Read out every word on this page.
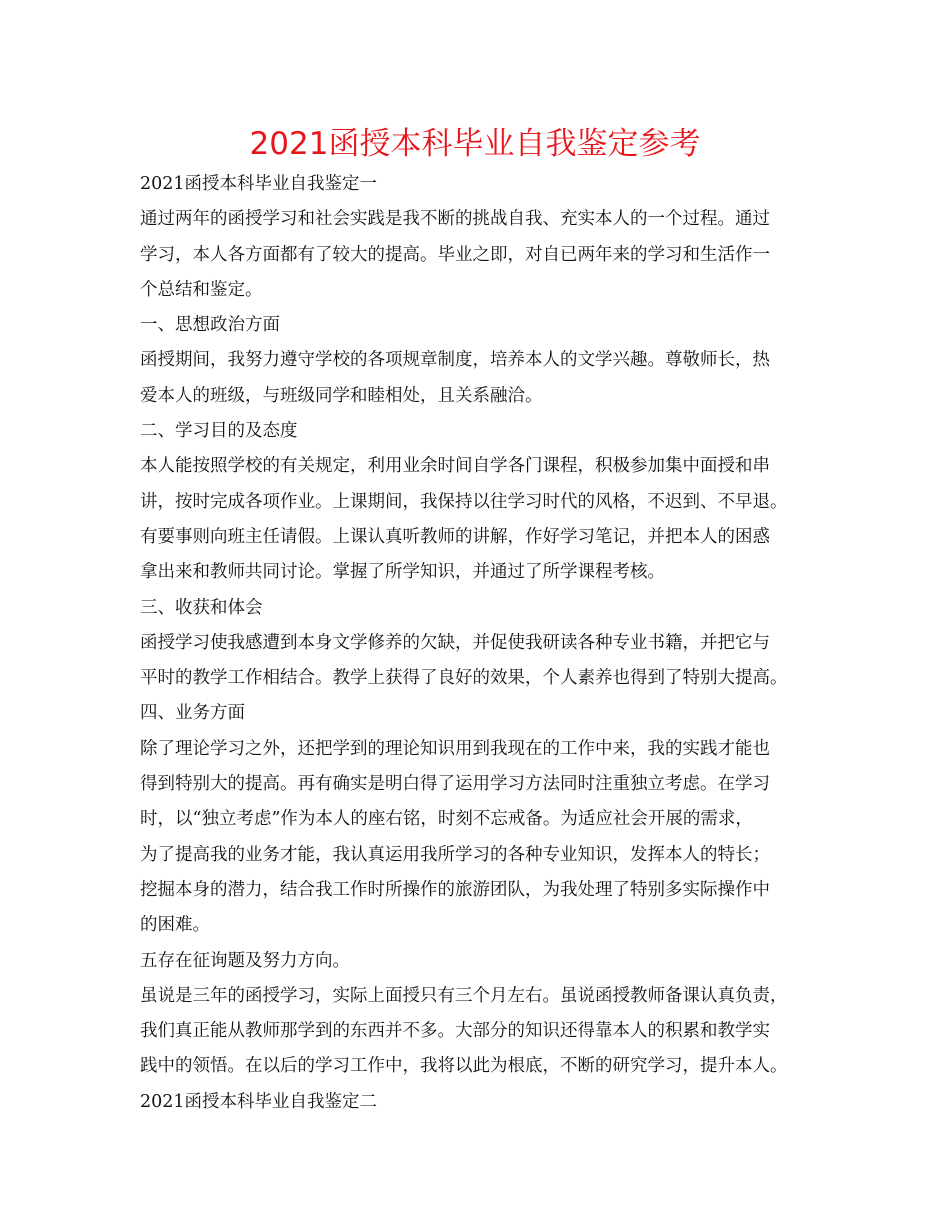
2021函授本科毕业自我鉴定参考
2021函授本科毕业自我鉴定一
通过两年的函授学习和社会实践是我不断的挑战自我、充实本人的一个过程。通过
学习，本人各方面都有了较大的提高。毕业之即，对自已两年来的学习和生活作一
个总结和鉴定。
一、思想政治方面
函授期间，我努力遵守学校的各项规章制度，培养本人的文学兴趣。尊敬师长，热
爱本人的班级，与班级同学和睦相处，且关系融洽。
二、学习目的及态度
本人能按照学校的有关规定，利用业余时间自学各门课程，积极参加集中面授和串
讲，按时完成各项作业。上课期间，我保持以往学习时代的风格，不迟到、不早退。
有要事则向班主任请假。上课认真听教师的讲解，作好学习笔记，并把本人的困惑
拿出来和教师共同讨论。掌握了所学知识，并通过了所学课程考核。
三、收获和体会
函授学习使我感遭到本身文学修养的欠缺，并促使我研读各种专业书籍，并把它与
平时的教学工作相结合。教学上获得了良好的效果，个人素养也得到了特别大提高。
四、业务方面
除了理论学习之外，还把学到的理论知识用到我现在的工作中来，我的实践才能也
得到特别大的提高。再有确实是明白得了运用学习方法同时注重独立考虑。在学习
时，以“独立考虑”作为本人的座右铭，时刻不忘戒备。为适应社会开展的需求，
为了提高我的业务才能，我认真运用我所学习的各种专业知识，发挥本人的特长；
挖掘本身的潜力，结合我工作时所操作的旅游团队，为我处理了特别多实际操作中
的困难。
五存在征询题及努力方向。
虽说是三年的函授学习，实际上面授只有三个月左右。虽说函授教师备课认真负责，
我们真正能从教师那学到的东西并不多。大部分的知识还得靠本人的积累和教学实
践中的领悟。在以后的学习工作中，我将以此为根底，不断的研究学习，提升本人。
2021函授本科毕业自我鉴定二
